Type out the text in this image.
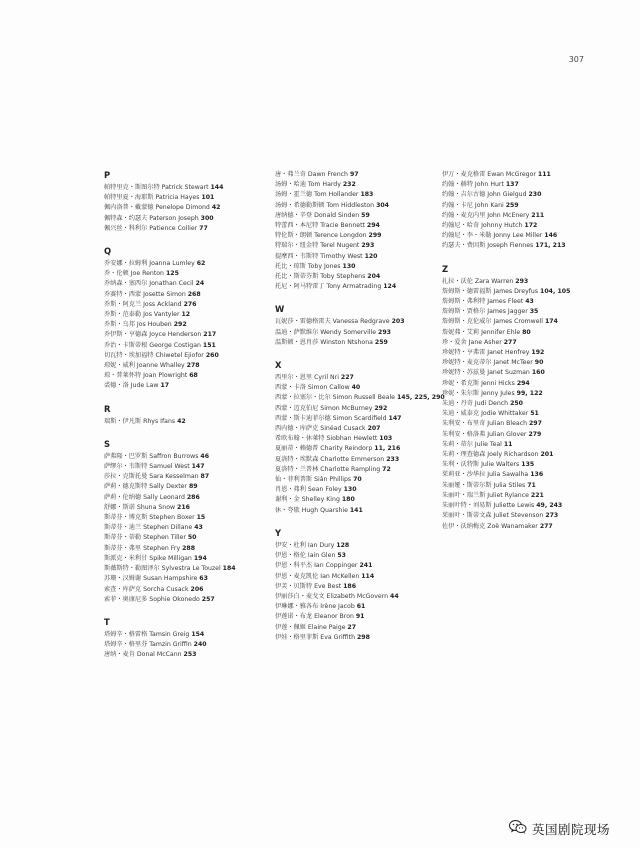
307
P
帕特里克・斯图尔特 Patrick Stewart 144
帕特里夏・海耶斯 Patricia Hayes 101
佩内洛普・戴蒙德 Penelope Dimond 42
佩特森・约瑟夫 Paterson Joseph 300
佩兴丝・科利尔 Patience Collier 77
Q
乔安娜・拉姆利 Joanna Lumley 62
乔・伦顿 Joe Renton 125
乔纳森・塞西尔 Jonathan Cecil 24
乔赛特・西蒙 Josette Simon 268
乔斯・阿克兰 Joss Ackland 276
乔斯・范泰勒 Jos Vantyler 12
乔斯・乌邦 Jos Houben 292
乔伊斯・亨德森 Joyce Henderson 217
乔治・卡斯蒂根 George Costigan 151
切瓦特・埃加福特 Chiwetel Ejiofor 260
琼妮・威利 Joanne Whalley 278
琼・普莱怀特 Joan Plowright 68
裘德・洛 Jude Law 17
R
瑞斯・伊凡斯 Rhys Ifans 42
S
萨弗隆・巴罗斯 Saffron Burrows 46
萨缪尔・韦斯特 Samuel West 147
莎拉・克斯托曼 Sara Kesselman 87
萨莉・德克斯特 Sally Dexter 89
萨莉・伦纳德 Sally Leonard 286
舒娜・斯诺 Shuna Snow 216
斯蒂芬・博克斯 Stephen Boxer 15
斯蒂芬・迪兰 Stephen Dillane 43
斯蒂芬・蒂勒 Stephen Tiller 50
斯蒂芬・弗里 Stephen Fry 288
斯派克・米利甘 Spike Milligan 194
斯薇斯特・勒图泽尔 Sylvestra Le Touzel 184
苏珊・汉姆谢 Susan Hampshire 63
索查・库萨克 Sorcha Cusack 206
索菲・奥康尼多 Sophie Okonedo 257
T
塔姆辛・格雷格 Tamsin Greig 154
塔姆辛・格里芬 Tamzin Griffin 240
唐纳・麦肯 Donal McCann 253
唐・弗兰奇 Dawn French 97
汤姆・哈迪 Tom Hardy 232
汤姆・霍兰德 Tom Hollander 183
汤姆・希德勒斯顿 Tom Hiddleston 304
唐纳德・辛登 Donald Sinden 59
特蕾西・本尼特 Tracie Bennett 294
特伦斯・朗顿 Terence Longdon 299
特瑞尔・纽金特 Terel Nugent 293
提摩西・韦斯特 Timothy West 120
托比・琼斯 Toby Jones 130
托比・斯蒂芬斯 Toby Stephens 204
托尼・阿马特雷丁 Tony Armatrading 124
W
瓦妮莎・雷德格雷夫 Vanessa Redgrave 203
温迪・萨默维尔 Wendy Somerville 293
温斯顿・恩肖莎 Winston Ntshona 259
X
西里尔・恩里 Cyril Nri 227
西蒙・卡洛 Simon Callow 40
西蒙・拉塞尔・比尔 Simon Russell Beale 145, 225, 290
西蒙・迈克伯尼 Simon McBurney 292
西蒙・斯卡迪菲尔德 Simon Scardifield 147
西内德・库萨克 Sinéad Cusack 207
希欧布翰・休莱特 Siobhan Hewlett 103
夏丽蒂・赖德普 Charity Reindorp 11, 216
夏洛特・埃默森 Charlotte Emmerson 233
夏洛特・兰普林 Charlotte Rampling 72
仙・菲利普斯 Siân Phillips 70
肖恩・弗利 Sean Foley 130
谢利・金 Shelley King 180
休・夸歇 Hugh Quarshie 141
Y
伊安・杜利 Ian Dury 128
伊恩・格伦 Iain Glen 53
伊恩・科平杰 Ian Coppinger 241
伊恩・麦克凯伦 Ian McKellen 114
伊芙・贝斯特 Eve Best 186
伊丽莎白・麦戈文 Elizabeth McGovern 44
伊琳娜・雅各布 Irène Jacob 61
伊莲诺・布龙 Eleanor Bron 91
伊莲・佩姬 Elaine Paige 27
伊娃・格里菲斯 Eva Griffith 298
伊万・麦克格雷 Ewan McGregor 111
约翰・赫特 John Hurt 137
约翰・吉尔古德 John Gielgud 230
约翰・卡尼 John Kani 259
约翰・麦克内里 John McEnery 211
约翰尼・哈奇 Johnny Hutch 172
约翰尼・李・米勒 Jonny Lee Miller 146
约瑟夫・费因斯 Joseph Fiennes 171, 213
Z
扎拉・沃伦 Zara Warren 293
詹姆斯・德雷福斯 James Dreyfus 104, 105
詹姆斯・弗利特 James Fleet 43
詹姆斯・贾格尔 James Jagger 35
詹姆斯・克伦威尔 James Cromwell 174
詹妮弗・艾莉 Jennifer Ehle 80
珍・爱舍 Jane Asher 277
珍妮特・亨弗雷 Janet Henfrey 192
珍妮特・麦克蒂尔 Janet McTeer 90
珍妮特・苏兹曼 Janet Suzman 160
珍妮・希克斯 Jenni Hicks 294
珍妮・朱尔斯 Jenny Jules 99, 122
朱迪・丹奇 Judi Dench 250
朱迪・威泰克 Jodie Whittaker 51
朱利安・布里奇 Julian Bleach 297
朱利安・格洛弗 Julian Glover 279
朱莉・蒂尔 Julie Teal 11
朱莉・理查德森 Joely Richardson 201
朱利・沃特斯 Julie Walters 135
茱莉亚・沙华拉 Julia Sawalha 136
朱丽娅・斯蒂尔斯 Julia Stiles 71
朱丽叶・瑞兰斯 Juliet Rylance 221
朱丽叶特・刘易斯 Juliette Lewis 49, 243
茱丽叶・斯蒂文森 Juliet Stevenson 273
佐伊・沃纳梅克 Zoë Wanamaker 277
英国剧院现场
